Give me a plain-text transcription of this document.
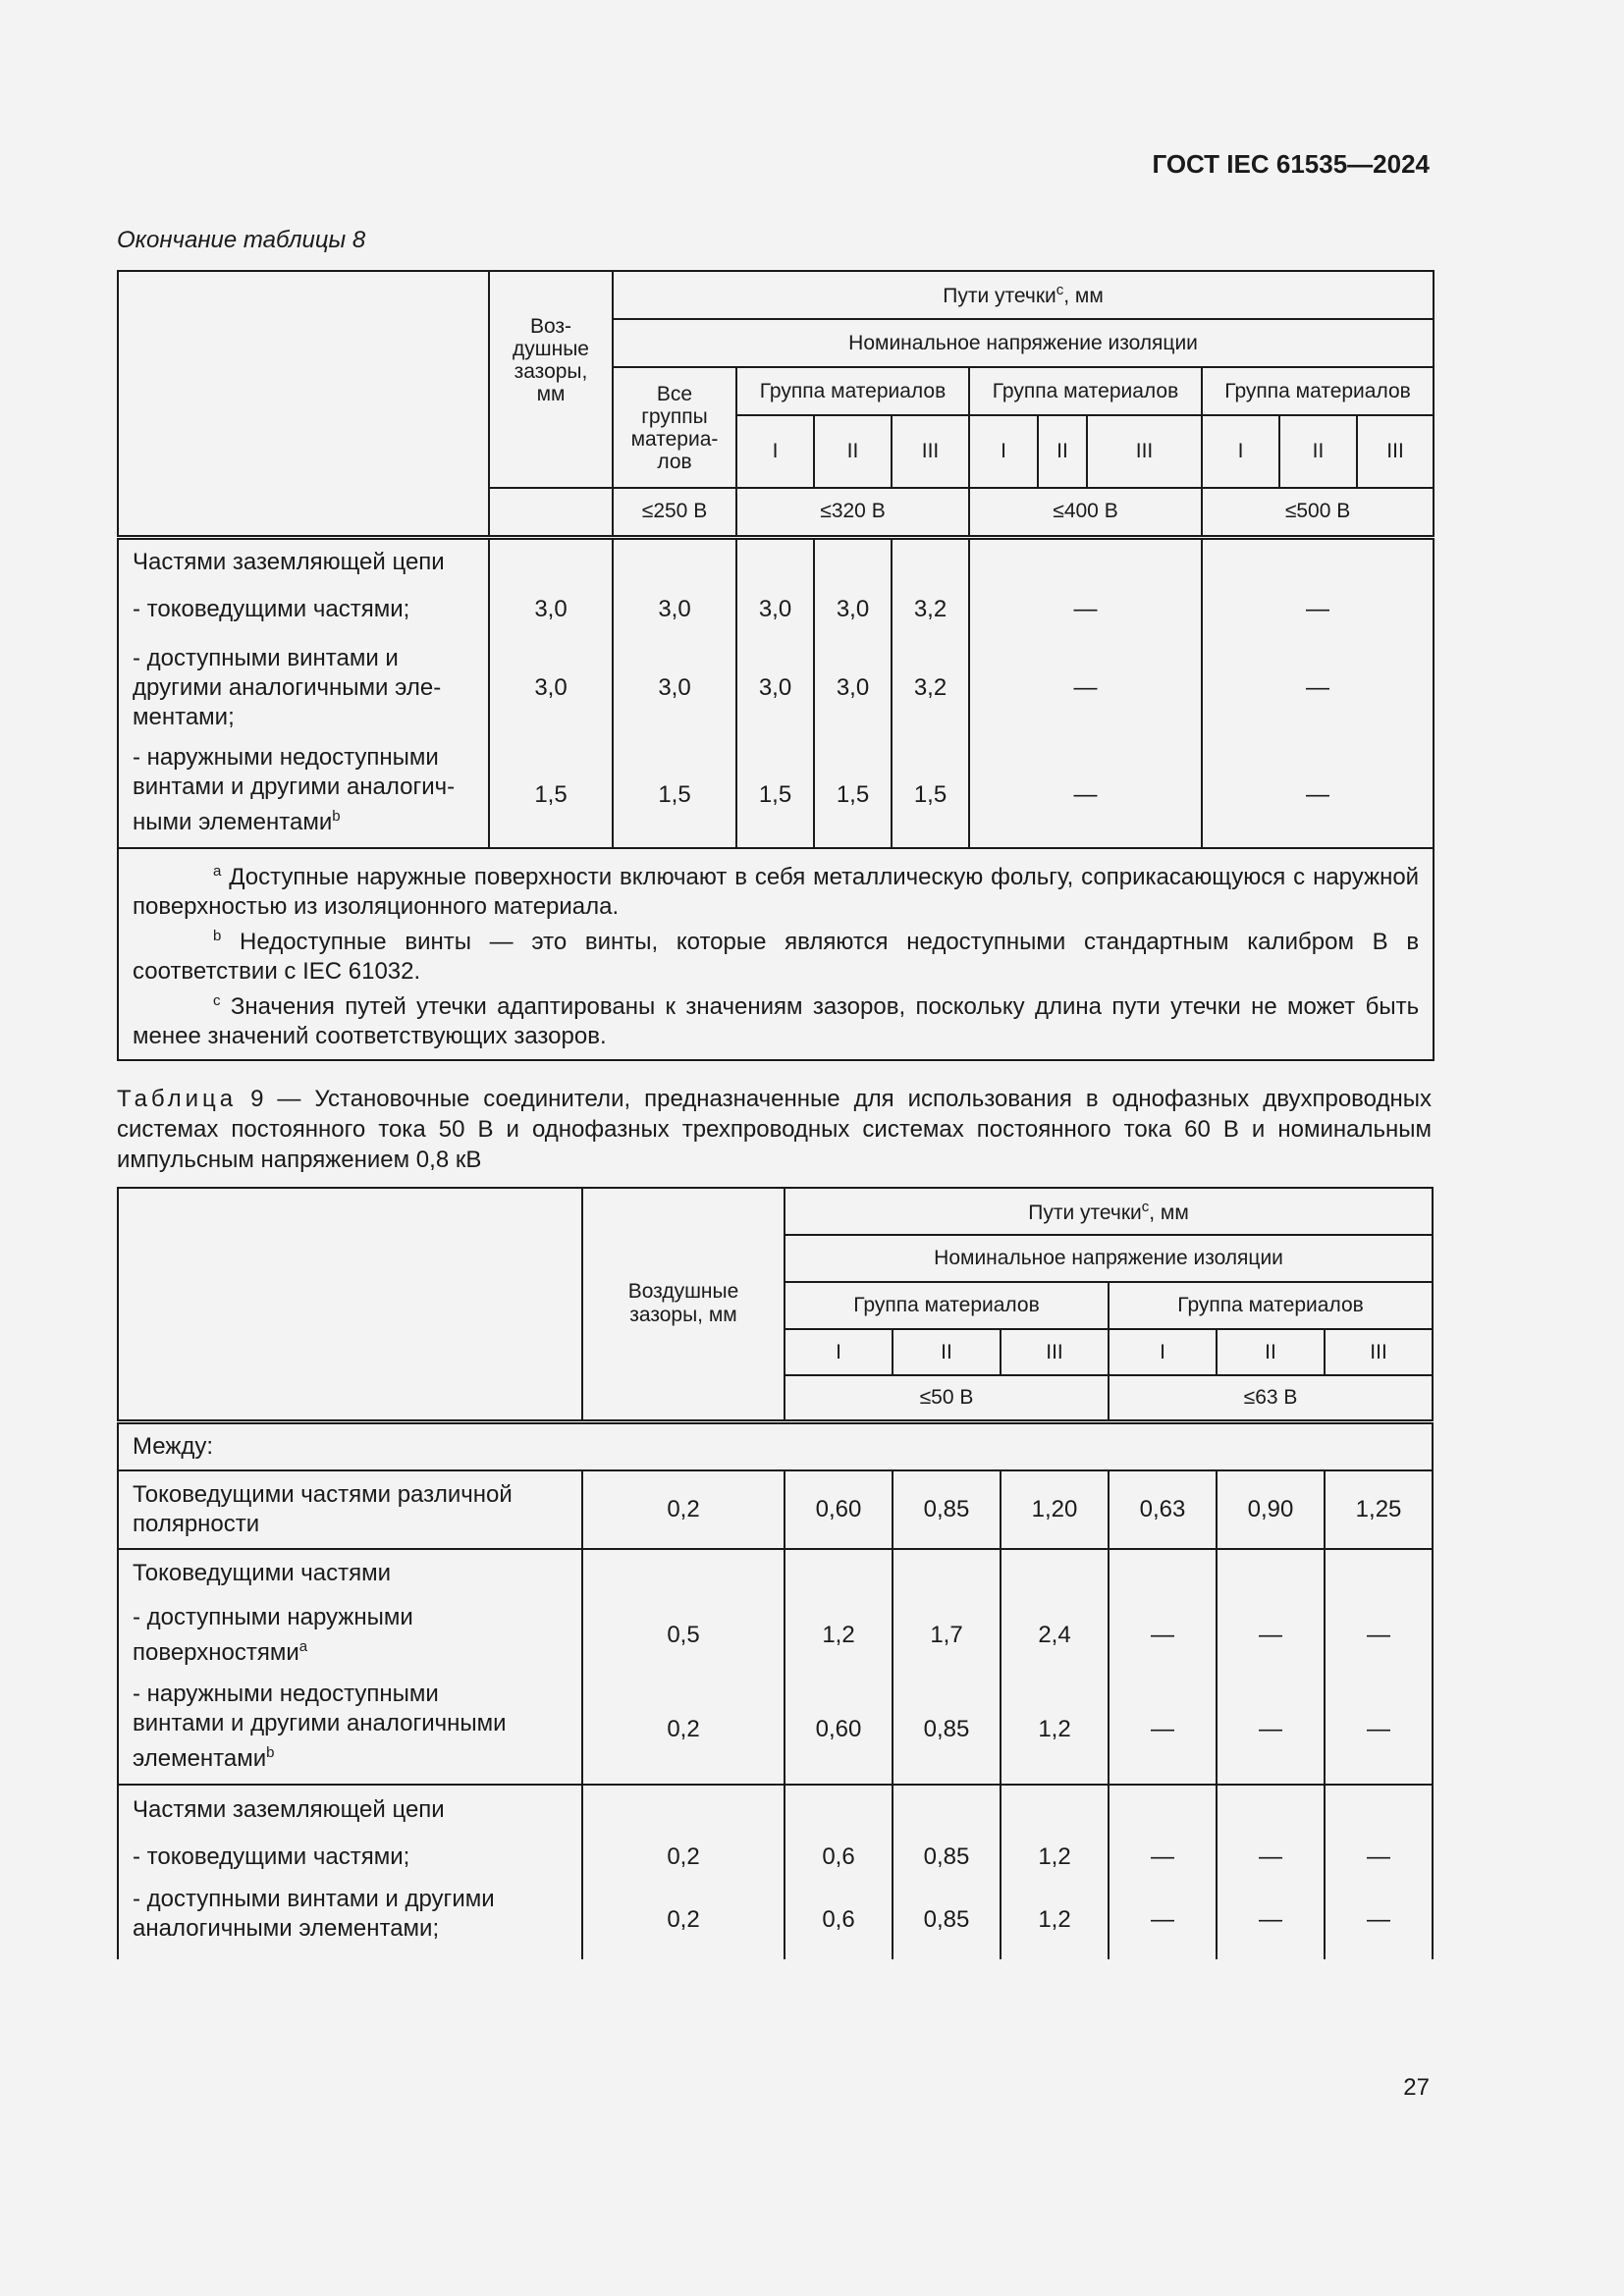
ГОСТ IEC 61535—2024
Окончание таблицы 8
	Воз-
душные
зазоры,
мм	Пути утечки$^c$, мм									
		Номинальное напряжение изоляции									
		Все
группы
материа-
лов	Группа материалов			Группа материалов			Группа материалов		
			I	II	III	I	II	III	I	II	III
		≤250 В	≤320 В			≤400 В			≤500 В		
Частями заземляющей цепи											
- токоведущими частями;	3,0	3,0	3,0	3,0	3,2	—			—		
- доступными винтами и
другими аналогичными эле-
ментами;	3,0	3,0	3,0	3,0	3,2	—			—		
- наружными недоступными
винтами и другими аналогич-
ными элементами$^b$	1,5	1,5	1,5	1,5	1,5	—			—		

$^a$ Доступные наружные поверхности включают в себя металлическую фольгу, соприкасающуюся с наружной поверхностью из изоляционного материала.

$^b$ Недоступные винты — это винты, которые являются недоступными стандартным калибром B в соответствии с IEC 61032.

$^c$ Значения путей утечки адаптированы к значениям зазоров, поскольку длина пути утечки не может быть менее значений соответствующих зазоров.											

Таблица 9 — Установочные соединители, предназначенные для использования в однофазных двухпроводных системах постоянного тока 50 В и однофазных трехпроводных системах постоянного тока 60 В и номинальным импульсным напряжением 0,8 кВ
	Воздушные
зазоры, мм	Пути утечки$^c$, мм					
		Номинальное напряжение изоляции					
		Группа материалов			Группа материалов		
		I	II	III	I	II	III
		≤50 В			≤63 В		
Между:							
Токоведущими частями различной
полярности	0,2	0,60	0,85	1,20	0,63	0,90	1,25
Токоведущими частями							
- доступными наружными
поверхностями$^a$	0,5	1,2	1,7	2,4	—	—	—
- наружными недоступными
винтами и другими аналогичными
элементами$^b$	0,2	0,60	0,85	1,2	—	—	—
Частями заземляющей цепи							
- токоведущими частями;	0,2	0,6	0,85	1,2	—	—	—
- доступными винтами и другими
аналогичными элементами;	0,2	0,6	0,85	1,2	—	—	—
27
